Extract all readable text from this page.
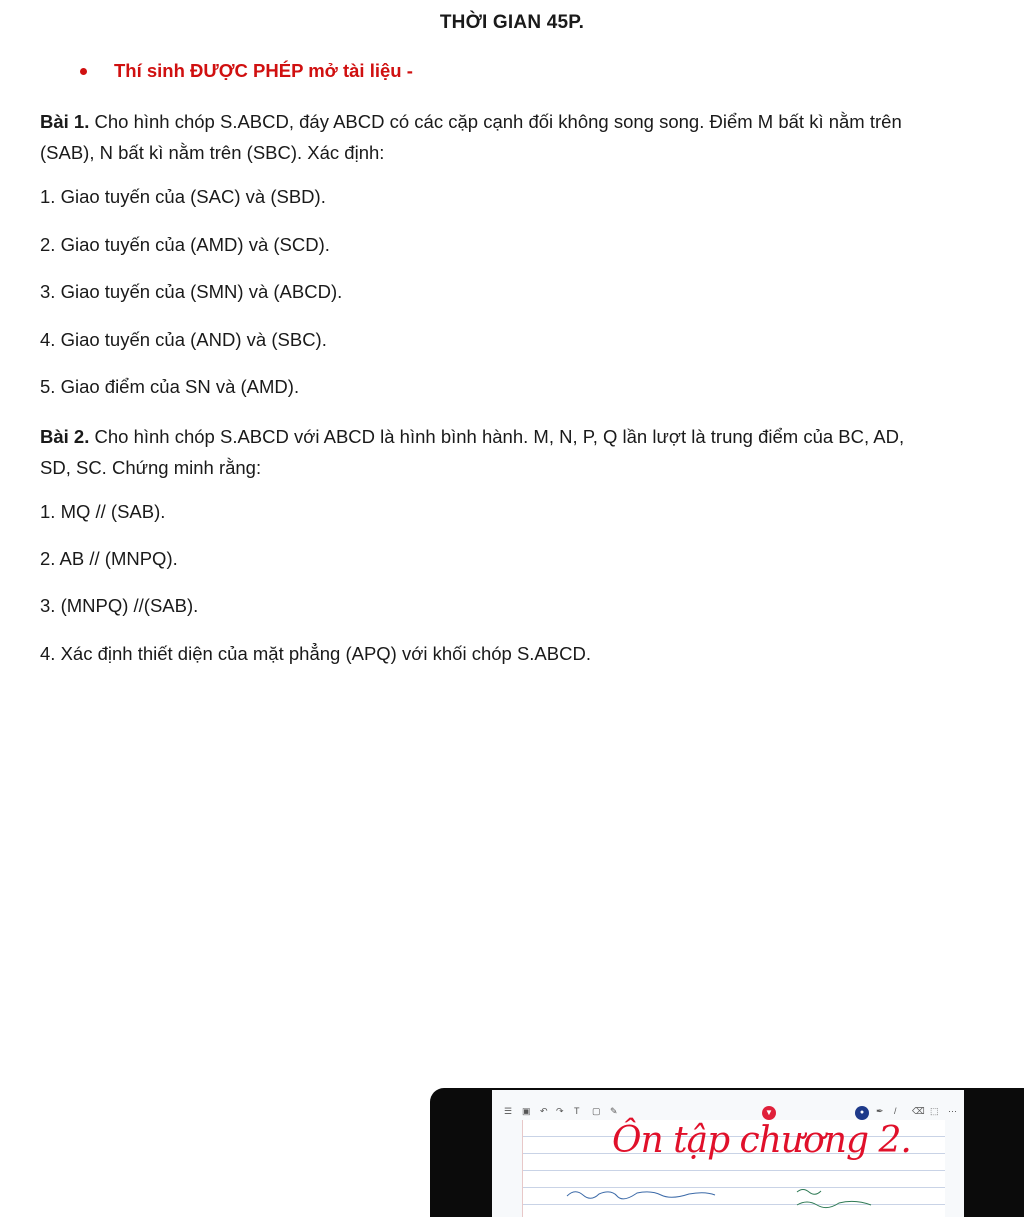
THỜI GIAN 45P.
Thí sinh ĐƯỢC PHÉP mở tài liệu -
Bài 1. Cho hình chóp S.ABCD, đáy ABCD có các cặp cạnh đối không song song. Điểm M bất kì nằm trên
(SAB), N bất kì nằm trên (SBC). Xác định:
1. Giao tuyến của (SAC) và (SBD).
2. Giao tuyến của (AMD) và (SCD).
3. Giao tuyến của (SMN) và (ABCD).
4. Giao tuyến của (AND) và (SBC).
5. Giao điểm của SN và (AMD).
Bài 2. Cho hình chóp S.ABCD với ABCD là hình bình hành. M, N, P, Q lần lượt là trung điểm của BC, AD,
SD, SC. Chứng minh rằng:
1. MQ // (SAB).
2. AB // (MNPQ).
3. (MNPQ) //(SAB).
4. Xác định thiết diện của mặt phẳng (APQ) với khối chóp S.ABCD.
☰ ▣ ↶ ↷ T ▢ ✎	▼	●	✒ / ⌫ ⬚ ⋯
Ôn tập chương 2.
